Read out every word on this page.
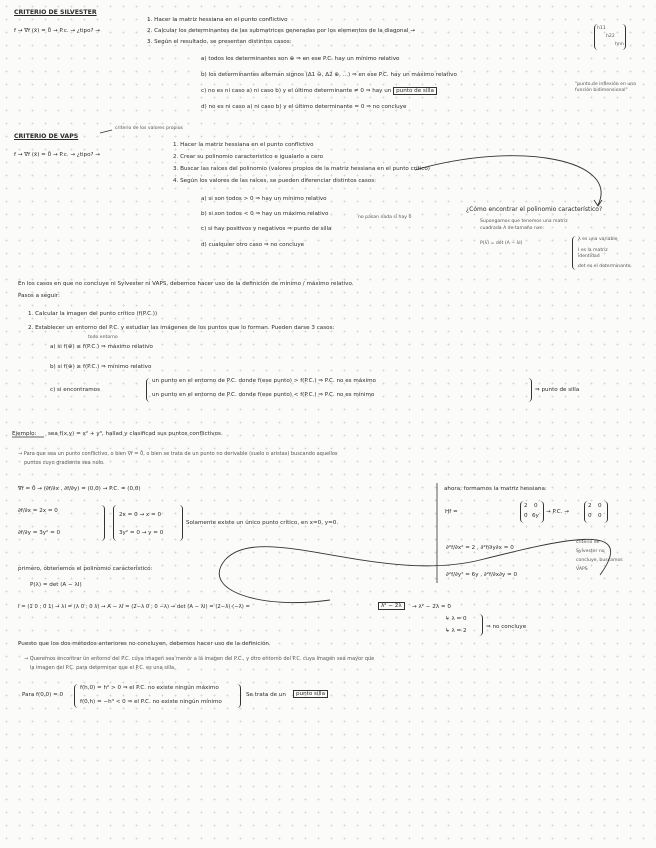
CRITERIO DE SILVESTER
f → ∇f (x̄) = 0̄ → P.c. → ¿tipo? →
1. Hacer la matriz hessiana en el punto conflictivo
2. Calcular los determinantes de las submatrices generadas por los elementos de la diagonal →
3. Según el resultado, se presentan distintos casos:
h11
h22
hnn
a) todos los determinantes son ⊕ ⇒ en ese P.C. hay un mínimo relativo
b) los determinantes alternan signos (Δ1 ⊖, Δ2 ⊕, ...) ⇒ en ese P.C. hay un máximo relativo
c) no es ni caso a) ni caso b) y el último determinante ≠ 0 ⇒ hay un punto de silla
d) no es ni caso a) ni caso b) y el último determinante = 0 ⇒ no concluye
"punto de inflexión en una función bidimensional"
CRITERIO DE VAPS
criterio de los valores propios
f → ∇f (x̄) = 0̄ → P.c. → ¿tipo? →
1. Hacer la matriz hessiana en el punto conflictivo
2. Crear su polinomio característico e igualarlo a cero
3. Buscar las raíces del polinomio (valores propios de la matriz hessiana en el punto crítico)
4. Según los valores de las raíces, se pueden diferenciar distintos casos:
a) si son todos > 0 ⇒ hay un mínimo relativo
b) si son todos < 0 ⇒ hay un máximo relativo
no pasan nada si hay 0
c) si hay positivos y negativos ⇒ punto de silla
d) cualquier otro caso ⇒ no concluye
¿Cómo encontrar el polinomio característico?
Supongamos que tenemos una matriz
cuadrada A de tamaño nxn:
P(λ) = det (A − λI)
λ es una variable
I es la matriz identidad
det es el determinante
En los casos en que no concluye ni Sylvester ni VAPS, debemos hacer uso de la definición de mínimo / máximo relativo.
Pasos a seguir:
1. Calcular la imagen del punto crítico (f(P.C.))
2. Establecer un entorno del P.C. y estudiar las imágenes de los puntos que lo forman. Pueden darse 3 casos:
todo entorno
a) si f(⊕) ≤ f(P.C.) ⇒ máximo relativo
b) si f(⊕) ≥ f(P.C.) ⇒ mínimo relativo
c) si encontramos
un punto en el entorno de P.C. donde f(ese punto) > f(P.C.) ⇒ P.C. no es máximo
un punto en el entorno de P.C. donde f(ese punto) < f(P.C.) ⇒ P.C. no es mínimo
⇒ punto de silla
Ejemplo: sea f(x,y) = x² + y³, hallad y clasificad sus puntos conflictivos.
→ Para que sea un punto conflictivo, o bien ∇f = 0̄, o bien se trata de un punto no derivable (suelo o aristas) buscando aquellos
puntos cuyo gradiente sea nulo.
∇f = 0̄ → (∂f/∂x , ∂f/∂y) = (0,0) → P.C. = (0,0)
∂f/∂x = 2x = 0
∂f/∂y = 3y² = 0
2x = 0 → x = 0
3y² = 0 → y = 0
Solamente existe un único punto crítico, en x=0, y=0.
ahora, formamos la matriz hessiana:
Hf =
2 0
0 6y
→ P.C. →
2 0
0 0
∂²f/∂x² = 2 , ∂²f/∂y∂x = 0
∂²f/∂y² = 6y , ∂²f/∂x∂y = 0
criterio de
Sylvester no
concluye, buscamos
VAPS
primero, obtenemos el polinomio característico:
P(λ) = det (A − λI)
I = (1 0 ; 0 1) → λI = (λ 0 ; 0 λ) → A − λI = (2−λ 0 ; 0 −λ) → det (A − λI) = (2−λ)·(−λ) =	λ² − 2λ	→ λ² − 2λ = 0
↳ λ = 0
↳ λ = 2
⇒ no concluye
Puesto que los dos métodos anteriores no concluyen, debemos hacer uso de la definición.
→ Queremos encontrar un entorno del P.C. cuya imagen sea menor a la imagen del P.C., y otro entorno del P.C. cuya imagen sea mayor que
la imagen del P.C. para determinar que el P.C. es una silla.
Para f(0,0) = 0
f(h,0) = h² > 0 ⇒ el P.C. no existe ningún máximo
f(0,h) = −h³ < 0 ⇒ el P.C. no existe ningún mínimo
Se trata de un	punto silla
